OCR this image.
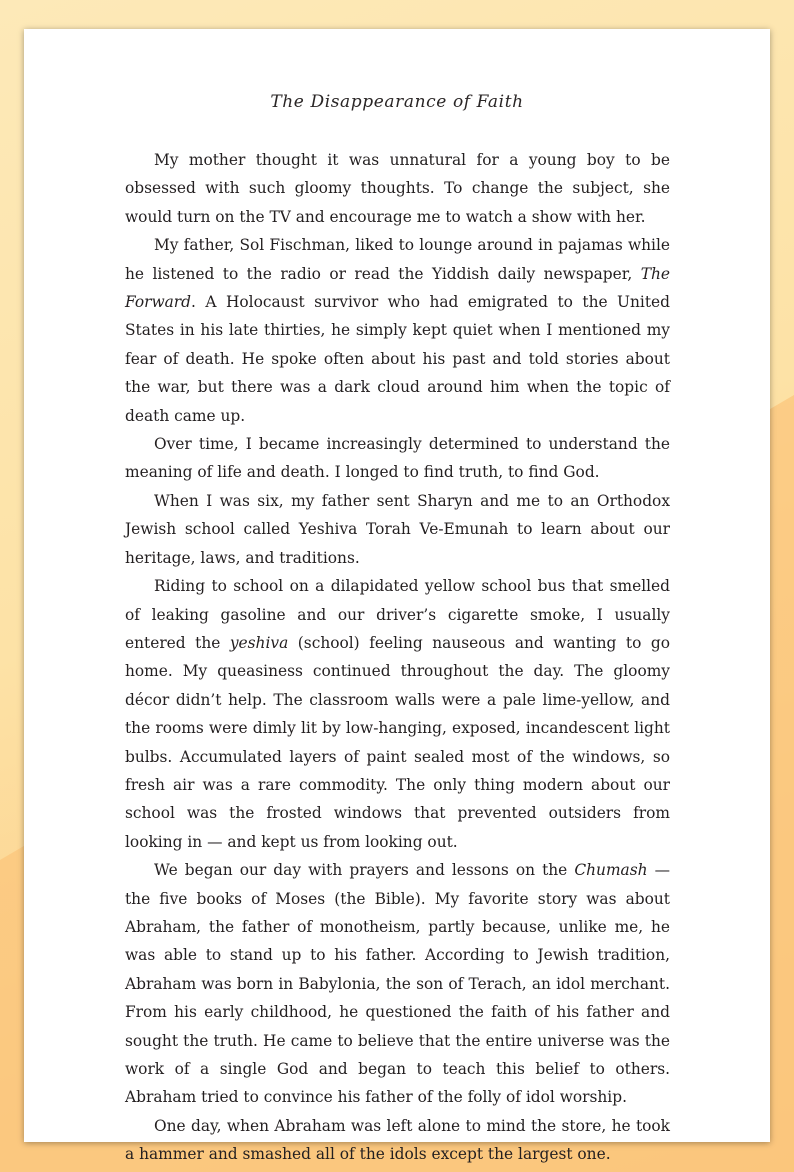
The Disappearance of Faith

My mother thought it was unnatural for a young boy to be obsessed with such gloomy thoughts. To change the subject, she would turn on the TV and encourage me to watch a show with her.

My father, Sol Fischman, liked to lounge around in pajamas while he listened to the radio or read the Yiddish daily newspaper, The Forward. A Holocaust survivor who had emigrated to the United States in his late thirties, he simply kept quiet when I mentioned my fear of death. He spoke often about his past and told stories about the war, but there was a dark cloud around him when the topic of death came up.

Over time, I became increasingly determined to understand the meaning of life and death. I longed to find truth, to find God.

When I was six, my father sent Sharyn and me to an Orthodox Jewish school called Yeshiva Torah Ve-Emunah to learn about our heritage, laws, and traditions.

Riding to school on a dilapidated yellow school bus that smelled of leaking gasoline and our driver’s cigarette smoke, I usually entered the yeshiva (school) feeling nauseous and wanting to go home. My queasiness continued throughout the day. The gloomy décor didn’t help. The classroom walls were a pale lime-yellow, and the rooms were dimly lit by low-hanging, exposed, incandescent light bulbs. Accumulated layers of paint sealed most of the windows, so fresh air was a rare commodity. The only thing modern about our school was the frosted windows that prevented outsiders from looking in — and kept us from looking out.

We began our day with prayers and lessons on the Chumash — the five books of Moses (the Bible). My favorite story was about Abraham, the father of monotheism, partly because, unlike me, he was able to stand up to his father. According to Jewish tradition, Abraham was born in Babylonia, the son of Terach, an idol merchant. From his early childhood, he questioned the faith of his father and sought the truth. He came to believe that the entire universe was the work of a single God and began to teach this belief to others. Abraham tried to convince his father of the folly of idol worship.

One day, when Abraham was left alone to mind the store, he took a hammer and smashed all of the idols except the largest one.
